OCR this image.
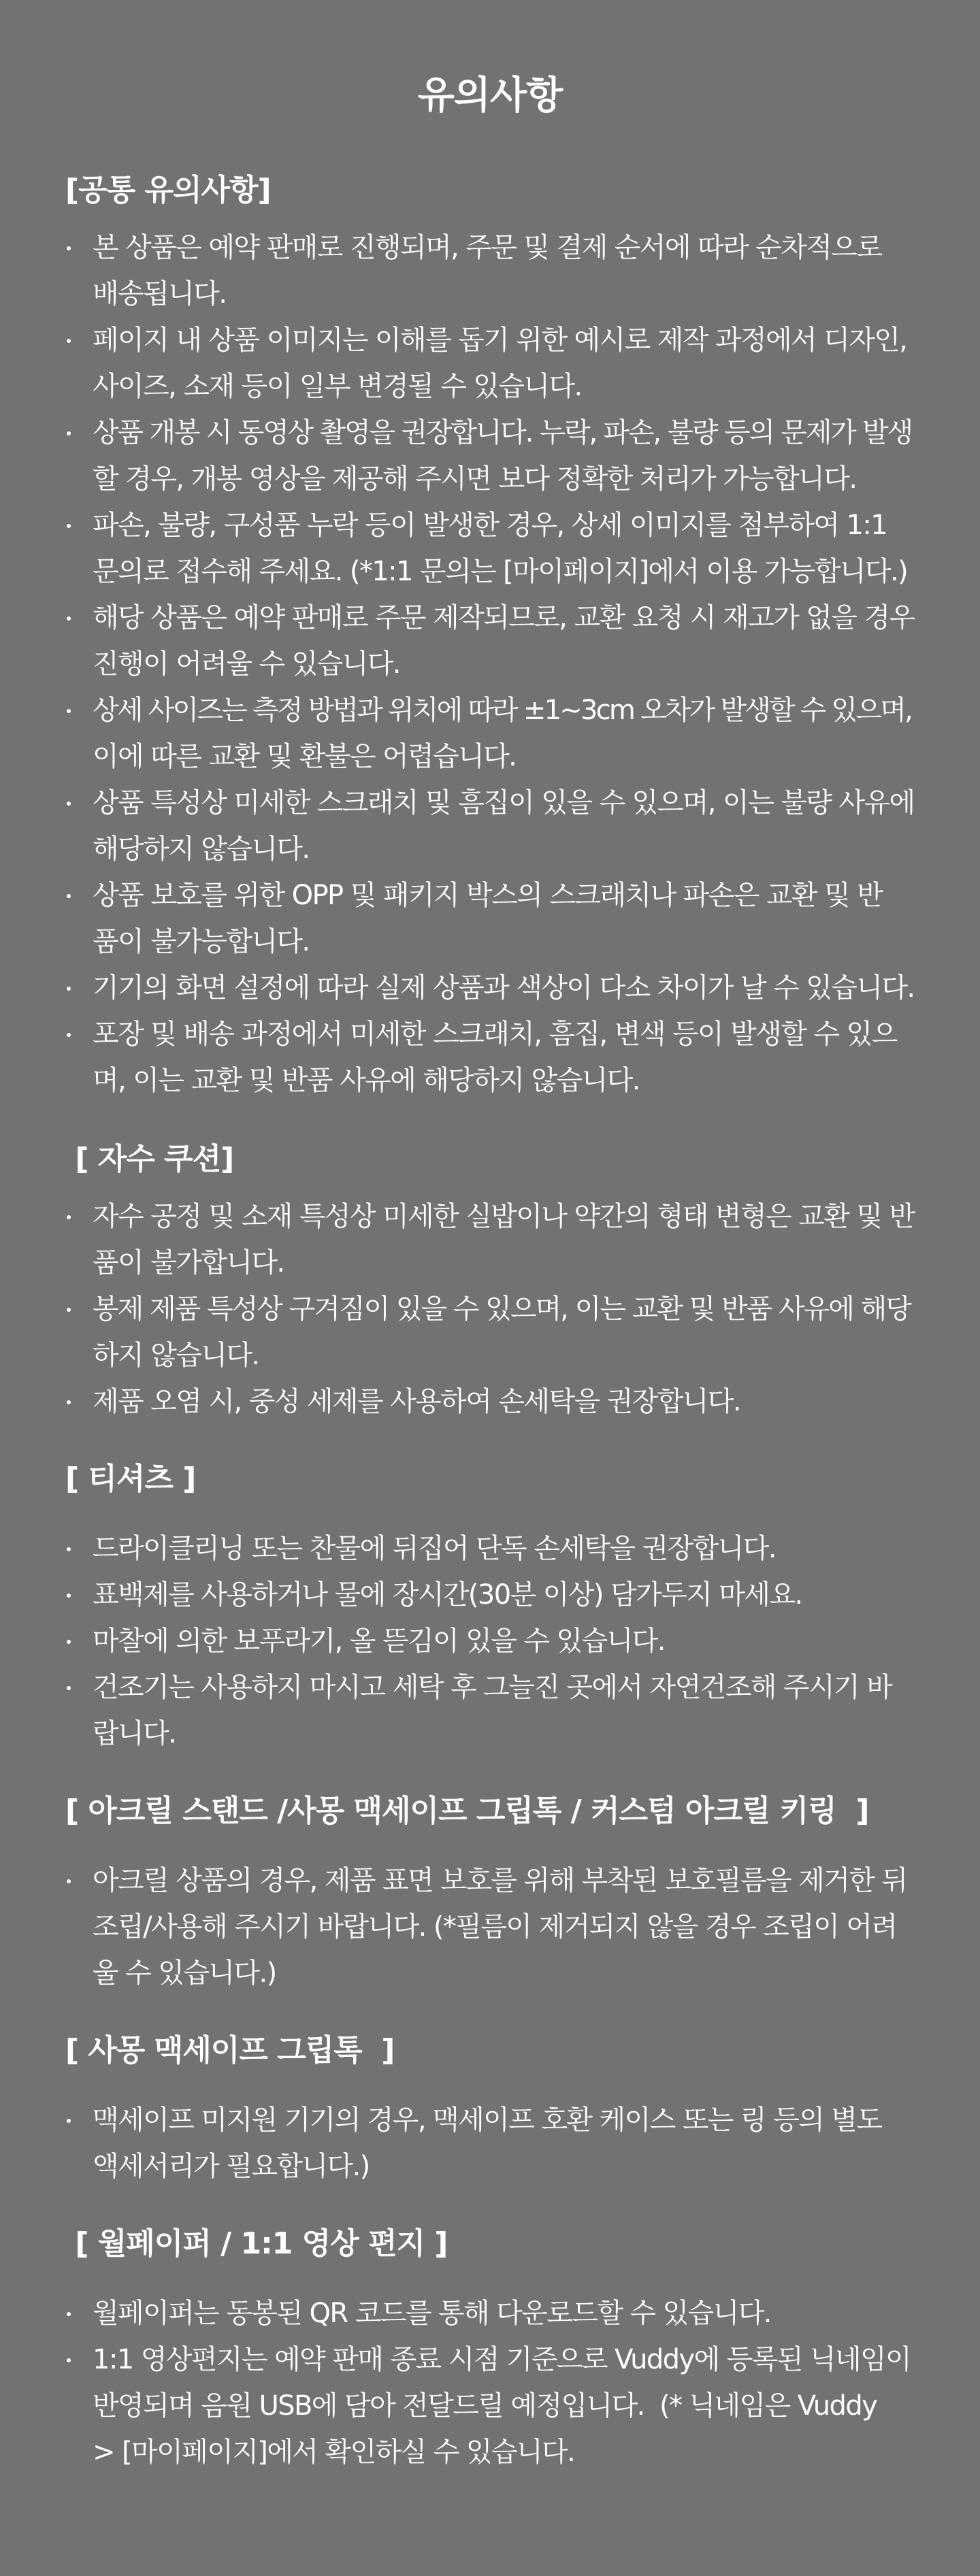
유의사항
[공통 유의사항]
본 상품은 예약 판매로 진행되며, 주문 및 결제 순서에 따라 순차적으로
배송됩니다.
페이지 내 상품 이미지는 이해를 돕기 위한 예시로 제작 과정에서 디자인,
사이즈, 소재 등이 일부 변경될 수 있습니다.
상품 개봉 시 동영상 촬영을 권장합니다. 누락, 파손, 불량 등의 문제가 발생
할 경우, 개봉 영상을 제공해 주시면 보다 정확한 처리가 가능합니다.
파손, 불량, 구성품 누락 등이 발생한 경우, 상세 이미지를 첨부하여 1:1
문의로 접수해 주세요. (*1:1 문의는 [마이페이지]에서 이용 가능합니다.)
해당 상품은 예약 판매로 주문 제작되므로, 교환 요청 시 재고가 없을 경우
진행이 어려울 수 있습니다.
상세 사이즈는 측정 방법과 위치에 따라 ±1~3cm 오차가 발생할 수 있으며,
이에 따른 교환 및 환불은 어렵습니다.
상품 특성상 미세한 스크래치 및 흠집이 있을 수 있으며, 이는 불량 사유에
해당하지 않습니다.
상품 보호를 위한 OPP 및 패키지 박스의 스크래치나 파손은 교환 및 반
품이 불가능합니다.
기기의 화면 설정에 따라 실제 상품과 색상이 다소 차이가 날 수 있습니다.
포장 및 배송 과정에서 미세한 스크래치, 흠집, 변색 등이 발생할 수 있으
며, 이는 교환 및 반품 사유에 해당하지 않습니다.
[ 자수 쿠션]
자수 공정 및 소재 특성상 미세한 실밥이나 약간의 형태 변형은 교환 및 반
품이 불가합니다.
봉제 제품 특성상 구겨짐이 있을 수 있으며, 이는 교환 및 반품 사유에 해당
하지 않습니다.
제품 오염 시, 중성 세제를 사용하여 손세탁을 권장합니다.
[ 티셔츠 ]
드라이클리닝 또는 찬물에 뒤집어 단독 손세탁을 권장합니다.
표백제를 사용하거나 물에 장시간(30분 이상) 담가두지 마세요.
마찰에 의한 보푸라기, 올 뜯김이 있을 수 있습니다.
건조기는 사용하지 마시고 세탁 후 그늘진 곳에서 자연건조해 주시기 바
랍니다.
[ 아크릴 스탠드 /사몽 맥세이프 그립톡 / 커스텀 아크릴 키링  ]
아크릴 상품의 경우, 제품 표면 보호를 위해 부착된 보호필름을 제거한 뒤
조립/사용해 주시기 바랍니다. (*필름이 제거되지 않을 경우 조립이 어려
울 수 있습니다.)
[ 사몽 맥세이프 그립톡  ]
맥세이프 미지원 기기의 경우, 맥세이프 호환 케이스 또는 링 등의 별도
액세서리가 필요합니다.)
[ 월페이퍼 / 1:1 영상 편지 ]
월페이퍼는 동봉된 QR 코드를 통해 다운로드할 수 있습니다.
1:1 영상편지는 예약 판매 종료 시점 기준으로 Vuddy에 등록된 닉네임이
반영되며 음원 USB에 담아 전달드릴 예정입니다.  (* 닉네임은 Vuddy
> [마이페이지]에서 확인하실 수 있습니다.
